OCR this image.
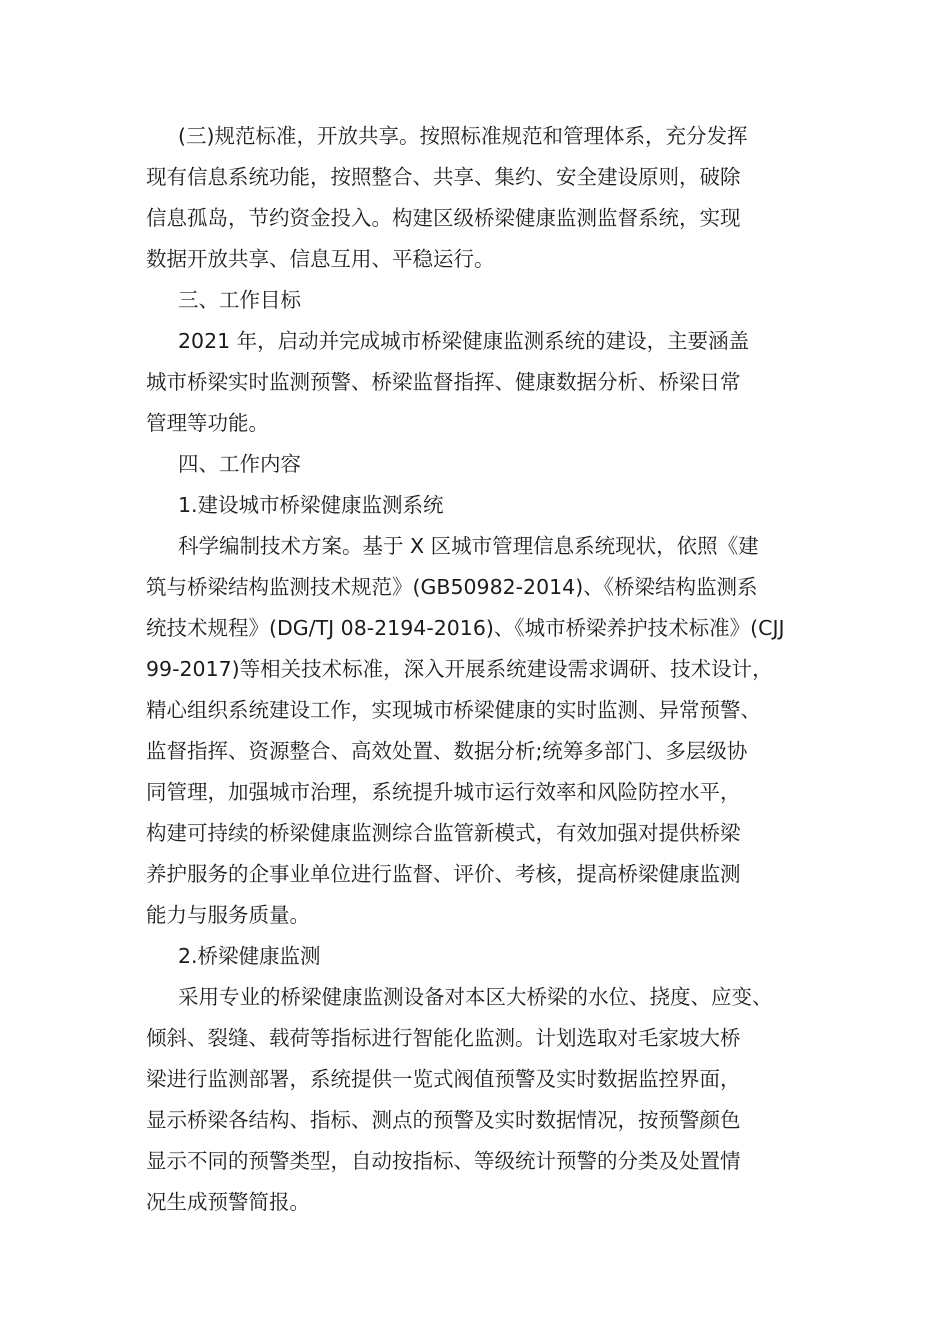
(三)规范标准，开放共享。按照标准规范和管理体系，充分发挥
现有信息系统功能，按照整合、共享、集约、安全建设原则，破除
信息孤岛，节约资金投入。构建区级桥梁健康监测监督系统，实现
数据开放共享、信息互用、平稳运行。

三、工作目标

2021 年，启动并完成城市桥梁健康监测系统的建设，主要涵盖
城市桥梁实时监测预警、桥梁监督指挥、健康数据分析、桥梁日常
管理等功能。

四、工作内容

1.建设城市桥梁健康监测系统

科学编制技术方案。基于 X 区城市管理信息系统现状，依照《建
筑与桥梁结构监测技术规范》(GB50982-2014)、《桥梁结构监测系
统技术规程》(DG/TJ 08-2194-2016)、《城市桥梁养护技术标准》(CJJ
99-2017)等相关技术标准，深入开展系统建设需求调研、技术设计，
精心组织系统建设工作，实现城市桥梁健康的实时监测、异常预警、
监督指挥、资源整合、高效处置、数据分析;统筹多部门、多层级协
同管理，加强城市治理，系统提升城市运行效率和风险防控水平，
构建可持续的桥梁健康监测综合监管新模式，有效加强对提供桥梁
养护服务的企事业单位进行监督、评价、考核，提高桥梁健康监测
能力与服务质量。

2.桥梁健康监测

采用专业的桥梁健康监测设备对本区大桥梁的水位、挠度、应变、
倾斜、裂缝、载荷等指标进行智能化监测。计划选取对毛家坡大桥
梁进行监测部署，系统提供一览式阀值预警及实时数据监控界面，
显示桥梁各结构、指标、测点的预警及实时数据情况，按预警颜色
显示不同的预警类型，自动按指标、等级统计预警的分类及处置情
况生成预警简报。
